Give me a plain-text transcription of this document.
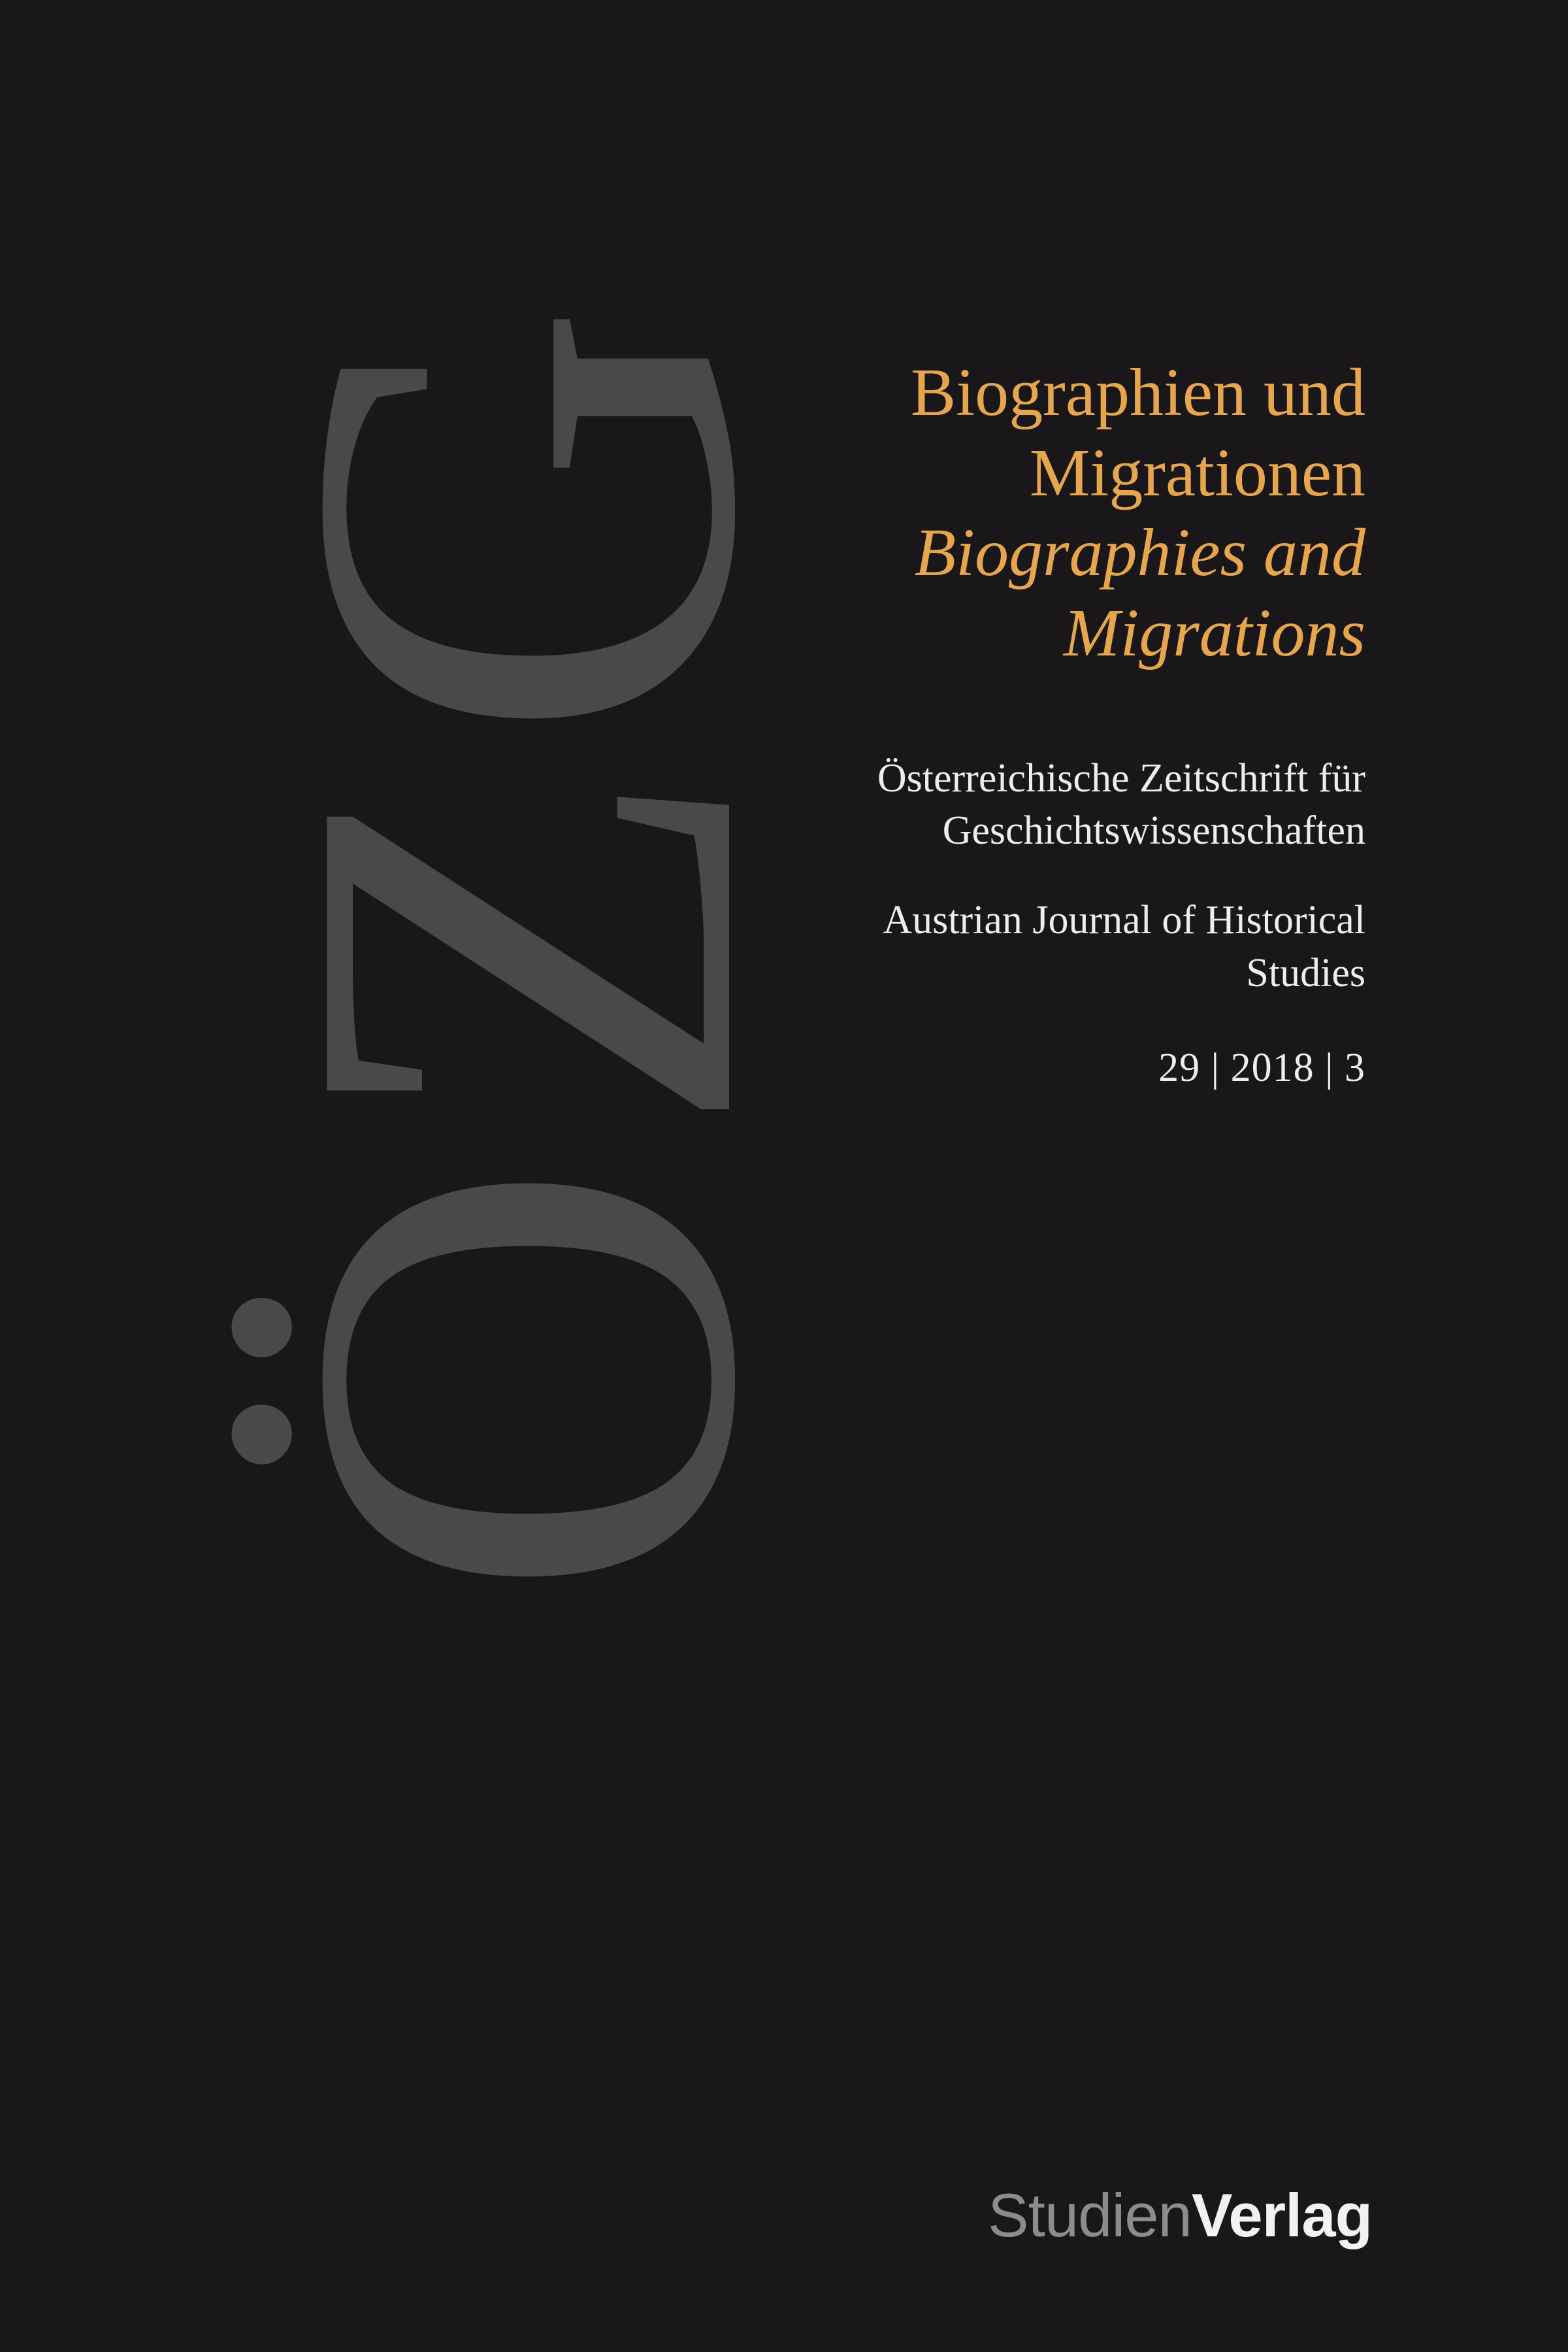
ÖZG Biographien und Migrationen
Biographies and Migrations

Österreichische Zeitschrift für Geschichtswissenschaften

Austrian Journal of Historical Studies

29 | 2018 | 3
StudienVerlag
